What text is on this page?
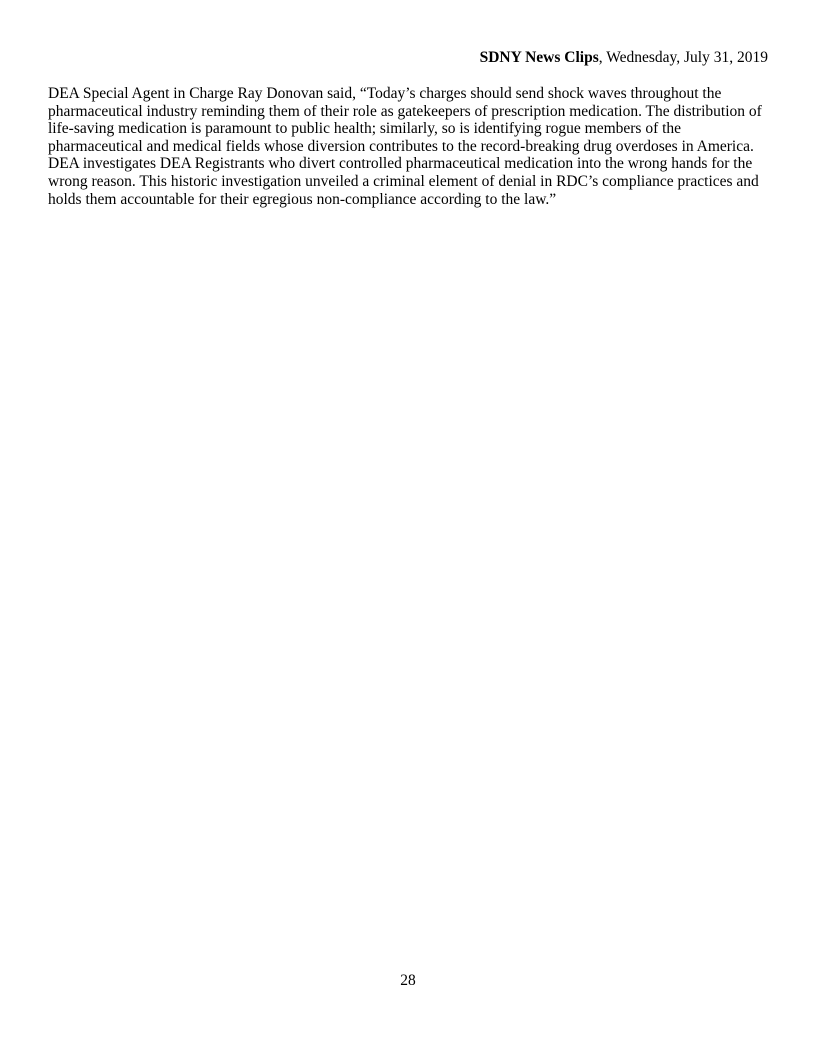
SDNY News Clips, Wednesday, July 31, 2019

DEA Special Agent in Charge Ray Donovan said, “Today’s charges should send shock waves throughout the pharmaceutical industry reminding them of their role as gatekeepers of prescription medication. The distribution of life-saving medication is paramount to public health; similarly, so is identifying rogue members of the pharmaceutical and medical fields whose diversion contributes to the record-breaking drug overdoses in America. DEA investigates DEA Registrants who divert controlled pharmaceutical medication into the wrong hands for the wrong reason. This historic investigation unveiled a criminal element of denial in RDC’s compliance practices and holds them accountable for their egregious non-compliance according to the law.”

28
